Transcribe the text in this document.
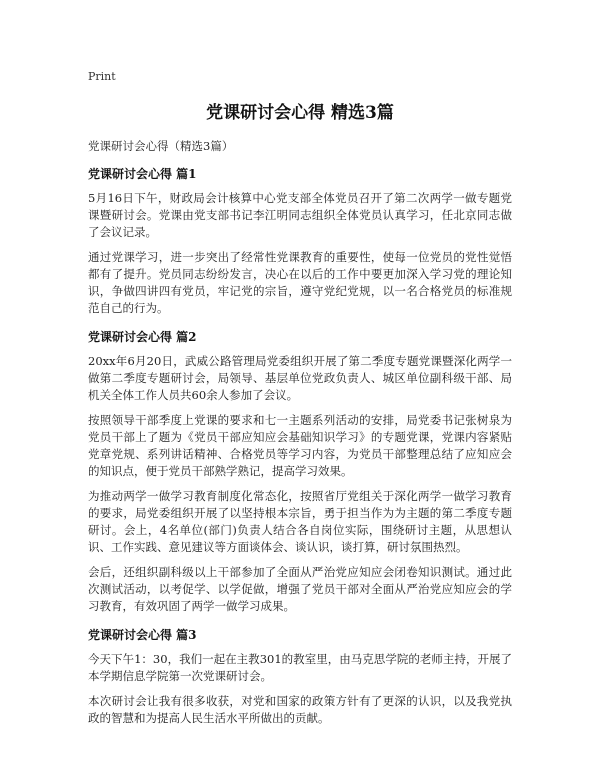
Print
党课研讨会心得 精选3篇
党课研讨会心得（精选3篇）
党课研讨会心得 篇1

5月16日下午，财政局会计核算中心党支部全体党员召开了第二次两学一做专题党课暨研讨会。党课由党支部书记李江明同志组织全体党员认真学习，任北京同志做了会议记录。

通过党课学习，进一步突出了经常性党课教育的重要性，使每一位党员的党性觉悟都有了提升。党员同志纷纷发言，决心在以后的工作中要更加深入学习党的理论知识，争做四讲四有党员，牢记党的宗旨，遵守党纪党规，以一名合格党员的标准规范自己的行为。

党课研讨会心得 篇2

20xx年6月20日，武威公路管理局党委组织开展了第二季度专题党课暨深化两学一做第二季度专题研讨会，局领导、基层单位党政负责人、城区单位副科级干部、局机关全体工作人员共60余人参加了会议。

按照领导干部季度上党课的要求和七一主题系列活动的安排，局党委书记张树泉为党员干部上了题为《党员干部应知应会基础知识学习》的专题党课，党课内容紧贴党章党规、系列讲话精神、合格党员等学习内容，为党员干部整理总结了应知应会的知识点，便于党员干部熟学熟记，提高学习效果。

为推动两学一做学习教育制度化常态化，按照省厅党组关于深化两学一做学习教育的要求，局党委组织开展了以坚持根本宗旨，勇于担当作为为主题的第二季度专题研讨。会上，4名单位(部门)负责人结合各自岗位实际，围绕研讨主题，从思想认识、工作实践、意见建议等方面谈体会、谈认识，谈打算，研讨氛围热烈。

会后，还组织副科级以上干部参加了全面从严治党应知应会闭卷知识测试。通过此次测试活动，以考促学、以学促做，增强了党员干部对全面从严治党应知应会的学习教育，有效巩固了两学一做学习成果。

党课研讨会心得 篇3

今天下午1：30，我们一起在主教301的教室里，由马克思学院的老师主持，开展了本学期信息学院第一次党课研讨会。

本次研讨会让我有很多收获，对党和国家的政策方针有了更深的认识，以及我党执政的智慧和为提高人民生活水平所做出的贡献。
